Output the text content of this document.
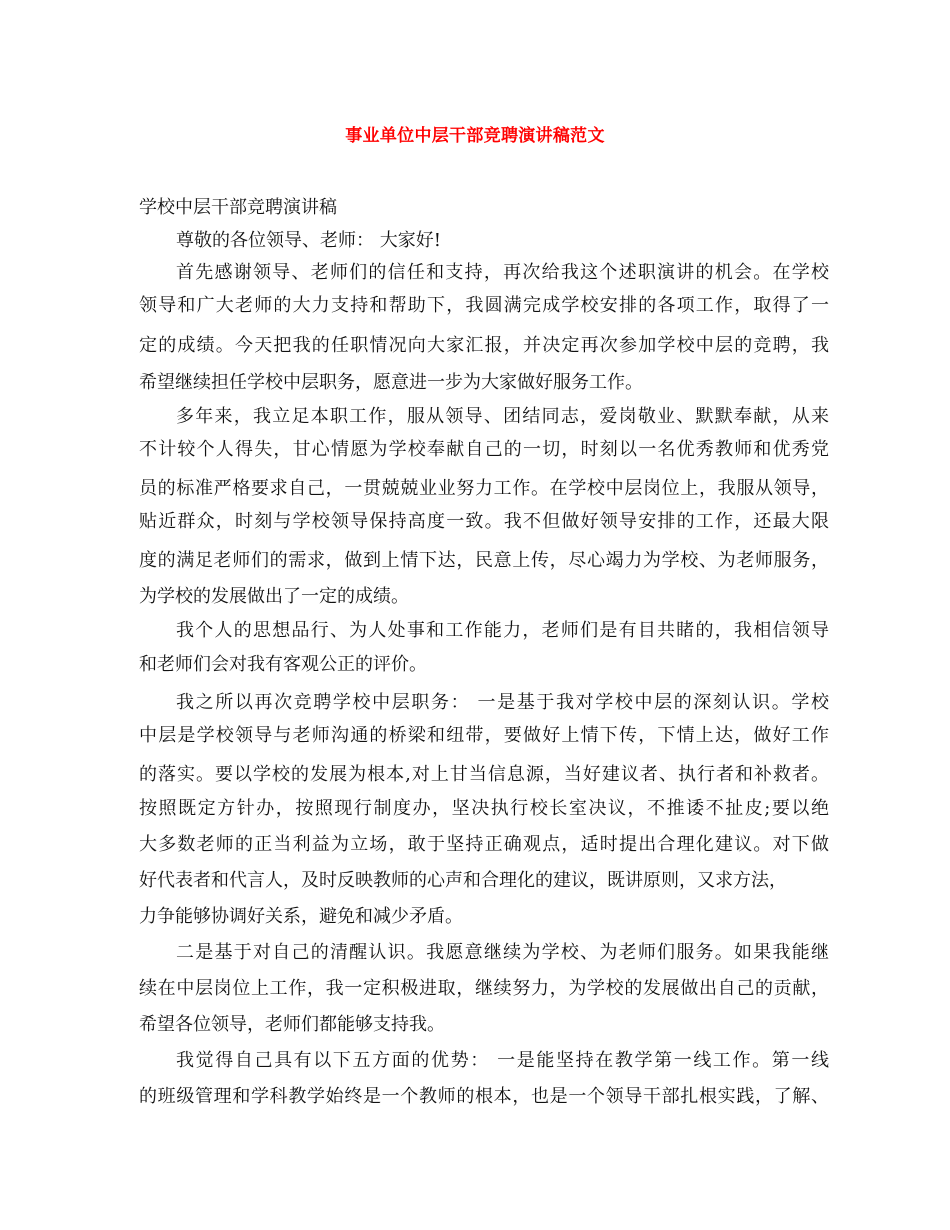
事业单位中层干部竞聘演讲稿范文
学校中层干部竞聘演讲稿
尊敬的各位领导、老师： 大家好!
首先感谢领导、老师们的信任和支持，再次给我这个述职演讲的机会。在学校
领导和广大老师的大力支持和帮助下，我圆满完成学校安排的各项工作，取得了一
定的成绩。今天把我的任职情况向大家汇报，并决定再次参加学校中层的竞聘，我
希望继续担任学校中层职务，愿意进一步为大家做好服务工作。
多年来，我立足本职工作，服从领导、团结同志，爱岗敬业、默默奉献，从来
不计较个人得失，甘心情愿为学校奉献自己的一切，时刻以一名优秀教师和优秀党
员的标准严格要求自己，一贯兢兢业业努力工作。在学校中层岗位上，我服从领导，
贴近群众，时刻与学校领导保持高度一致。我不但做好领导安排的工作，还最大限
度的满足老师们的需求，做到上情下达，民意上传，尽心竭力为学校、为老师服务，
为学校的发展做出了一定的成绩。
我个人的思想品行、为人处事和工作能力，老师们是有目共睹的，我相信领导
和老师们会对我有客观公正的评价。
我之所以再次竞聘学校中层职务： 一是基于我对学校中层的深刻认识。学校
中层是学校领导与老师沟通的桥梁和纽带，要做好上情下传，下情上达，做好工作
的落实。要以学校的发展为根本,对上甘当信息源，当好建议者、执行者和补救者。
按照既定方针办，按照现行制度办，坚决执行校长室决议，不推诿不扯皮;要以绝
大多数老师的正当利益为立场，敢于坚持正确观点，适时提出合理化建议。对下做
好代表者和代言人，及时反映教师的心声和合理化的建议，既讲原则，又求方法，
力争能够协调好关系，避免和减少矛盾。
二是基于对自己的清醒认识。我愿意继续为学校、为老师们服务。如果我能继
续在中层岗位上工作，我一定积极进取，继续努力，为学校的发展做出自己的贡献，
希望各位领导，老师们都能够支持我。
我觉得自己具有以下五方面的优势： 一是能坚持在教学第一线工作。第一线
的班级管理和学科教学始终是一个教师的根本，也是一个领导干部扎根实践，了解、
